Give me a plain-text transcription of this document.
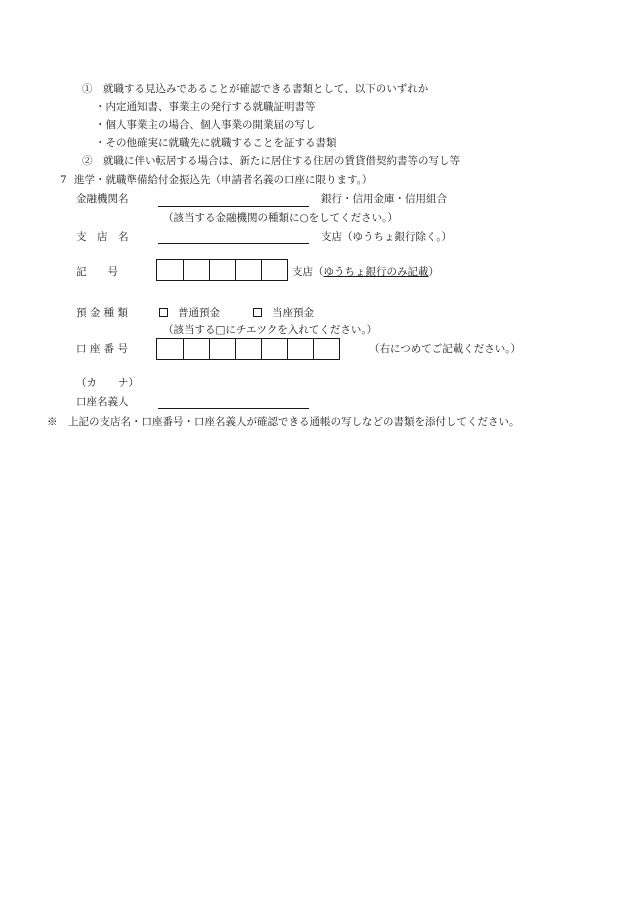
①　就職する見込みであることが確認できる書類として、以下のいずれか
・内定通知書、事業主の発行する就職証明書等
・個人事業主の場合、個人事業の開業届の写し
・その他確実に就職先に就職することを証する書類
②　就職に伴い転居する場合は、新たに居住する住居の賃貸借契約書等の写し等
7 進学・就職準備給付金振込先（申請者名義の口座に限ります。）
金融機関名	銀行・信用金庫・信用組合
（該当する金融機関の種類に○をしてください。）
支　店　名	支店（ゆうちょ銀行除く。）
記　　号	支店（ゆうちょ銀行のみ記載）
預 金 種 類	普通預金	当座預金
（該当する□にチエツクを入れてください。）
口 座 番 号	（右につめてご記載ください。）
（カ　　ナ）
口座名義人
※　上記の支店名・口座番号・口座名義人が確認できる通帳の写しなどの書類を添付してください。
